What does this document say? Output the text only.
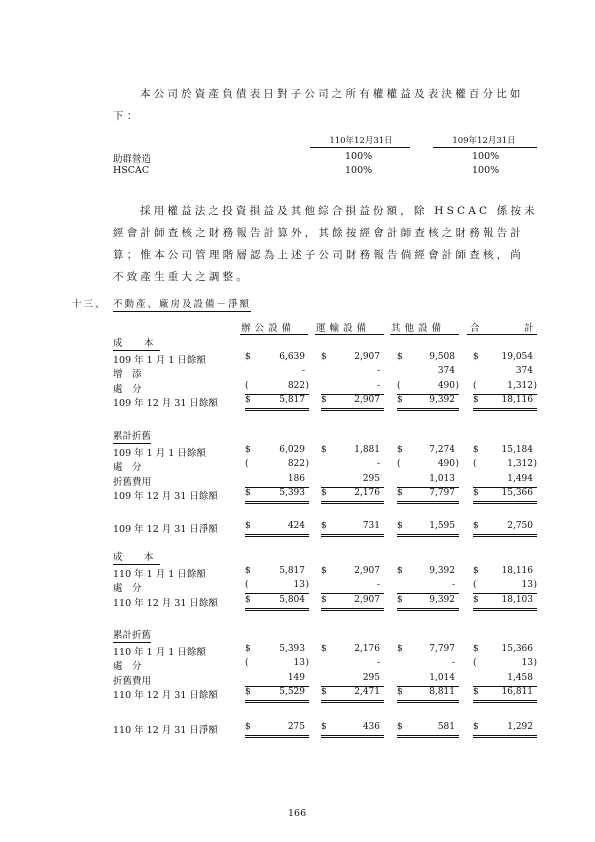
本公司於資產負債表日對子公司之所有權權益及表決權百分比如
下：
110年12月31日	109年12月31日
助群營造	100%	100%
HSCAC	100%	100%
採用權益法之投資損益及其他綜合損益份額，除 HSCAC 係按未
經會計師查核之財務報告計算外，其餘按經會計師查核之財務報告計
算；惟本公司管理階層認為上述子公司財務報告倘經會計師查核，尚
不致產生重大之調整。
十三、 不動產、廠房及設備－淨額
辦公設備 運輸設備 其他設備	合	計
成　本
109 年 1 月 1 日餘額	$	6,639 $	2,907 $	9,508 $	19,054
增　添	-	-	374	374
處　分	(	822 )	- (	490 ) (	1,312 )
109 年 12 月 31 日餘額	$	5,817 $	2,907 $	9,392 $	18,116
累計折舊
109 年 1 月 1 日餘額	$	6,029 $	1,881 $	7,274 $	15,184
處　分	(	822 )	- (	490 ) (	1,312 )
折舊費用	186	295	1,013	1,494
109 年 12 月 31 日餘額	$	5,393 $	2,176 $	7,797 $	15,366
109 年 12 月 31 日淨額	$	424 $	731 $	1,595 $	2,750
成　本
110 年 1 月 1 日餘額	$	5,817 $	2,907 $	9,392 $	18,116
處　分	(	13 )	-	- (	13 )
110 年 12 月 31 日餘額	$	5,804 $	2,907 $	9,392 $	18,103
累計折舊
110 年 1 月 1 日餘額	$	5,393 $	2,176 $	7,797 $	15,366
處　分	(	13 )	-	- (	13 )
折舊費用	149	295	1,014	1,458
110 年 12 月 31 日餘額	$	5,529 $	2,471 $	8,811 $	16,811
110 年 12 月 31 日淨額	$	275 $	436 $	581 $	1,292
166
